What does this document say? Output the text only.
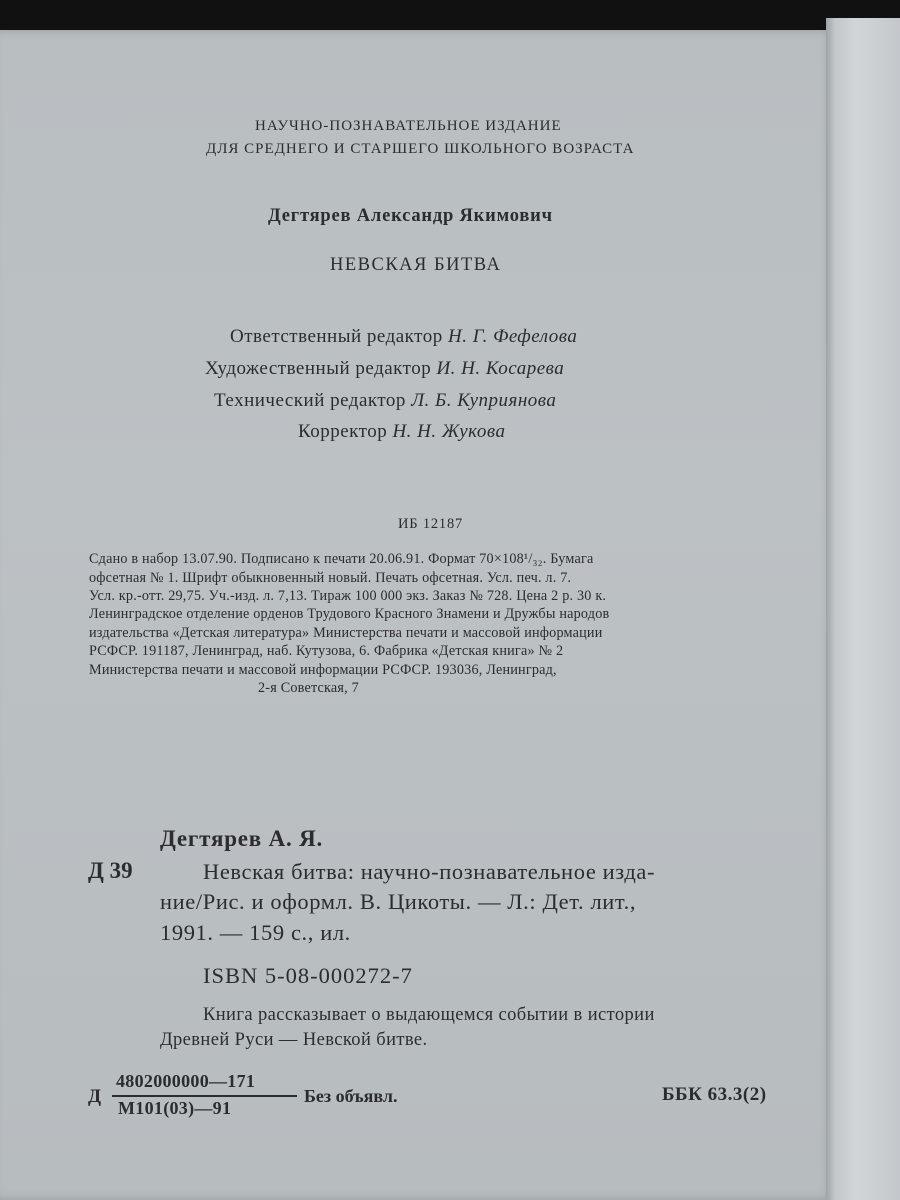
НАУЧНО-ПОЗНАВАТЕЛЬНОЕ ИЗДАНИЕ
ДЛЯ СРЕДНЕГО И СТАРШЕГО ШКОЛЬНОГО ВОЗРАСТА
Дегтярев Александр Якимович
НЕВСКАЯ БИТВА
Ответственный редактор Н. Г. Фефелова
Художественный редактор И. Н. Косарева
Технический редактор Л. Б. Куприянова
Корректор Н. Н. Жукова
ИБ 12187
Сдано в набор 13.07.90. Подписано к печати 20.06.91. Формат 70×108¹/₃₂. Бумага
офсетная № 1. Шрифт обыкновенный новый. Печать офсетная. Усл. печ. л. 7.
Усл. кр.-отт. 29,75. Уч.-изд. л. 7,13. Тираж 100 000 экз. Заказ № 728. Цена 2 р. 30 к.
Ленинградское отделение орденов Трудового Красного Знамени и Дружбы народов
издательства «Детская литература» Министерства печати и массовой информации
РСФСР. 191187, Ленинград, наб. Кутузова, 6. Фабрика «Детская книга» № 2
Министерства печати и массовой информации РСФСР. 193036, Ленинград,
2-я Советская, 7
Дегтярев А. Я.
Д 39	Невская битва: научно-познавательное изда-
ние/Рис. и оформл. В. Цикоты. — Л.: Дет. лит.,
1991. — 159 с., ил.
ISBN 5-08-000272-7
Книга рассказывает о выдающемся событии в истории
Древней Руси — Невской битве.
Д
4802000000—171
М101(03)—91
Без объявл.	ББК 63.3(2)
